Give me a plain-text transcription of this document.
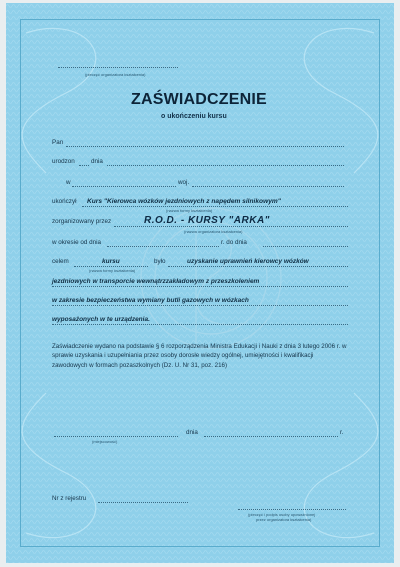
(pieczęć organizatora kształcenia)
ZAŚWIADCZENIE
o ukończeniu kursu
Pan
urodzon	dnia
w	woj.
ukończył Kurs "Kierowca wózków jezdniowych z napędem silnikowym"
(nazwa formy kształcenia)
zorganizowany przez	R.O.D. - KURSY "ARKA"
(nazwa organizatora kształcenia)
w okresie od dnia	r. do dnia
celem	kursu
(nazwa formy kształcenia)
było	uzyskanie uprawnień kierowcy wózków
jezdniowych w transporcie wewnątrzzakładowym z przeszkoleniem
w zakresie bezpieczeństwa wymiany butli gazowych w wózkach
wyposażonych w te urządzenia.
Zaświadczenie wydano na podstawie § 6 rozporządzenia Ministra Edukacji i Nauki z dnia 3 lutego 2006 r. w sprawie uzyskania i uzupełniania przez osoby dorosłe wiedzy ogólnej, umiejętności i kwalifikacji zawodowych w formach pozaszkolnych (Dz. U. Nr 31, poz. 216)
(miejscowość)
dnia	r.
Nr z rejestru
(pieczęć i podpis osoby upoważnionej
przez organizatora kształcenia)
